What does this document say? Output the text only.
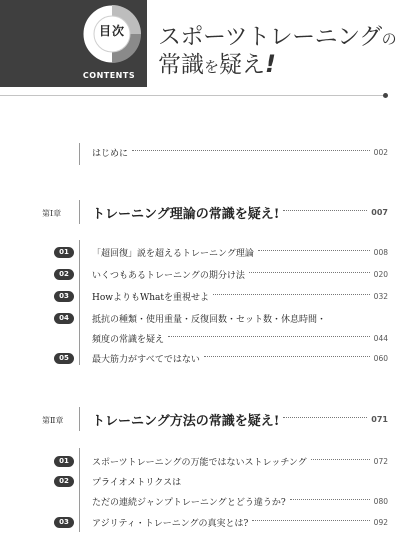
目次
CONTENTS
スポーツトレーニングの
常識を疑え!
はじめに	002
第Ⅰ章 トレーニング理論の常識を疑え!	007
01	「超回復」説を超えるトレーニング理論	008
02	いくつもあるトレーニングの期分け法	020
03	HowよりもWhatを重視せよ	032
04	抵抗の種類・使用重量・反復回数・セット数・休息時間・
頻度の常識を疑え	044
05	最大筋力がすべてではない	060
第Ⅱ章 トレーニング方法の常識を疑え!	071
01	スポーツトレーニングの万能ではないストレッチング	072
02	プライオメトリクスは
ただの連続ジャンプトレーニングとどう違うか?	080
03	アジリティ・トレーニングの真実とは?	092
